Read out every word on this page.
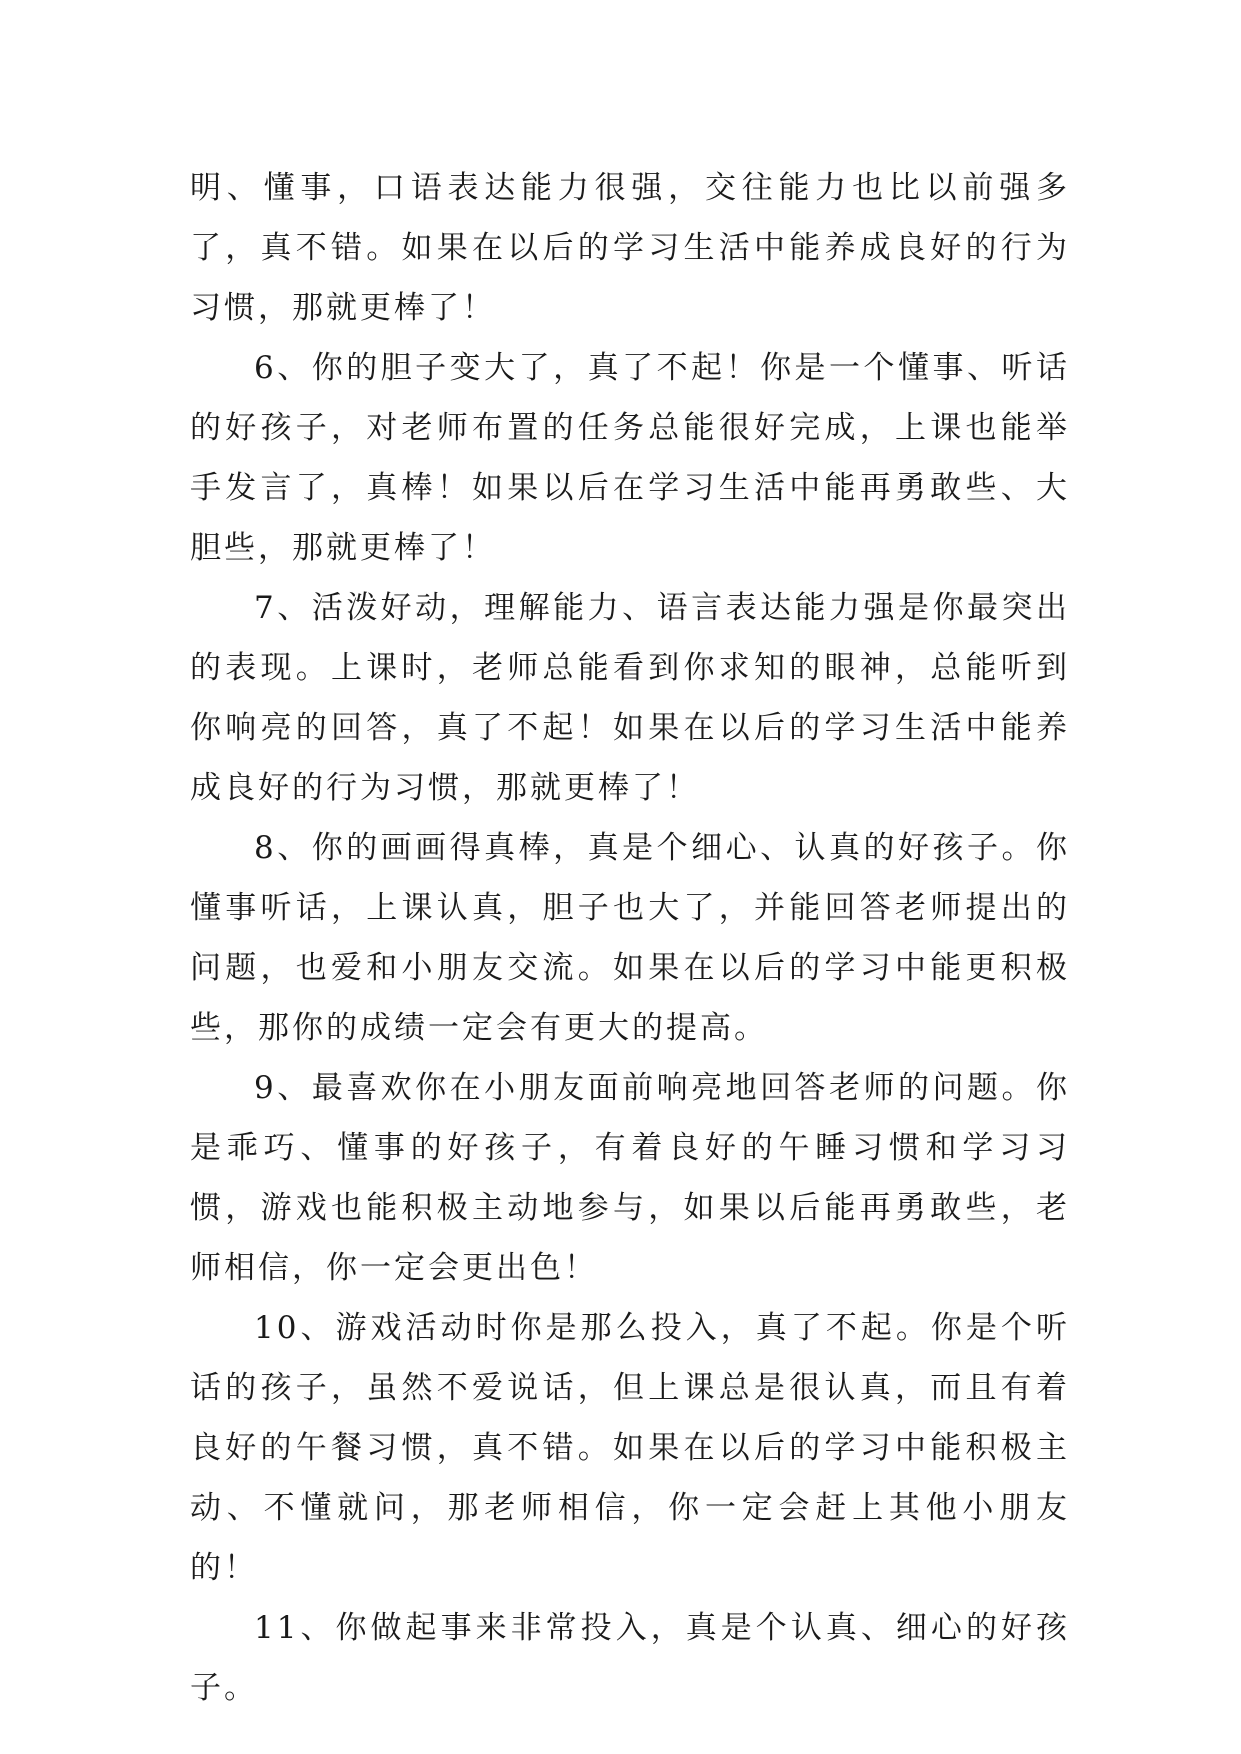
明、懂事，口语表达能力很强，交往能力也比以前强多了，真不错。如果在以后的学习生活中能养成良好的行为习惯，那就更棒了！

6、你的胆子变大了，真了不起！你是一个懂事、听话的好孩子，对老师布置的任务总能很好完成，上课也能举手发言了，真棒！如果以后在学习生活中能再勇敢些、大胆些，那就更棒了！

7、活泼好动，理解能力、语言表达能力强是你最突出的表现。上课时，老师总能看到你求知的眼神，总能听到你响亮的回答，真了不起！如果在以后的学习生活中能养成良好的行为习惯，那就更棒了！

8、你的画画得真棒，真是个细心、认真的好孩子。你懂事听话，上课认真，胆子也大了，并能回答老师提出的问题，也爱和小朋友交流。如果在以后的学习中能更积极些，那你的成绩一定会有更大的提高。

9、最喜欢你在小朋友面前响亮地回答老师的问题。你是乖巧、懂事的好孩子，有着良好的午睡习惯和学习习惯，游戏也能积极主动地参与，如果以后能再勇敢些，老师相信，你一定会更出色！

10、游戏活动时你是那么投入，真了不起。你是个听话的孩子，虽然不爱说话，但上课总是很认真，而且有着良好的午餐习惯，真不错。如果在以后的学习中能积极主动、不懂就问，那老师相信，你一定会赶上其他小朋友的！

11、你做起事来非常投入，真是个认真、细心的好孩子。
